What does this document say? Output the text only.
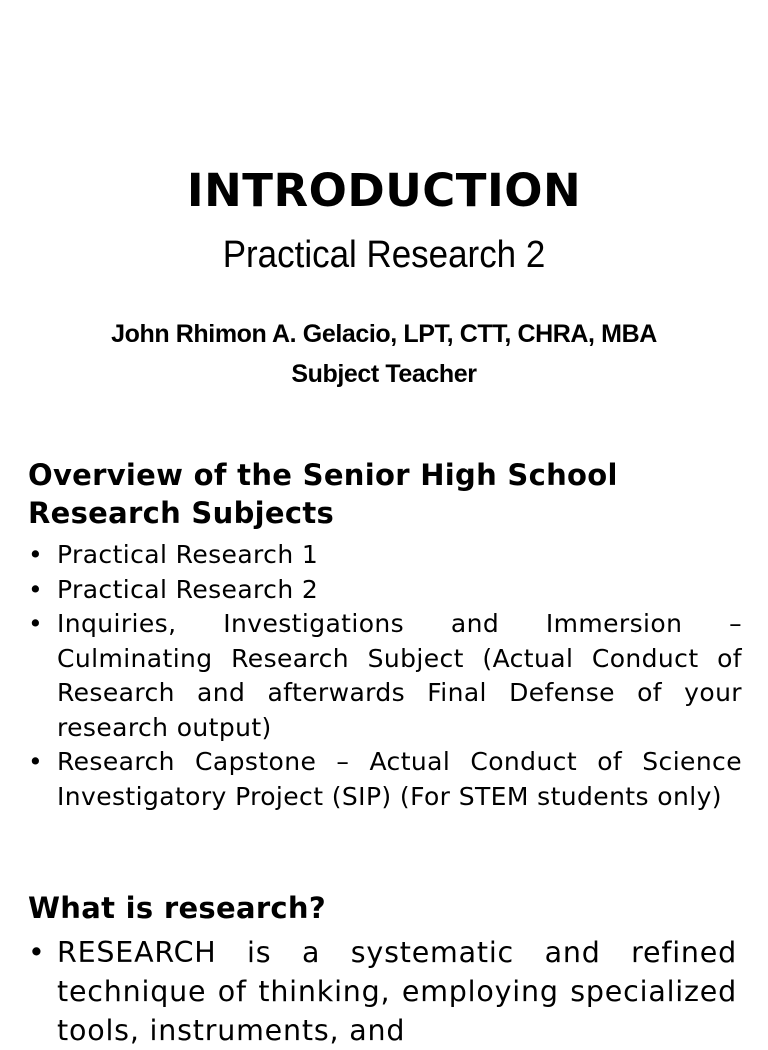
INTRODUCTION
Practical Research 2
John Rhimon A. Gelacio, LPT, CTT, CHRA, MBA
Subject Teacher
Overview of the Senior High School
Research Subjects
• Practical Research 1
• Practical Research 2
• Inquiries, Investigations and Immersion – Culminating Research Subject (Actual Conduct of Research and afterwards Final Defense of your research output)
• Research Capstone – Actual Conduct of Science Investigatory Project (SIP) (For STEM students only)
What is research?
• RESEARCH is a systematic and refined technique of thinking, employing specialized tools, instruments, and
